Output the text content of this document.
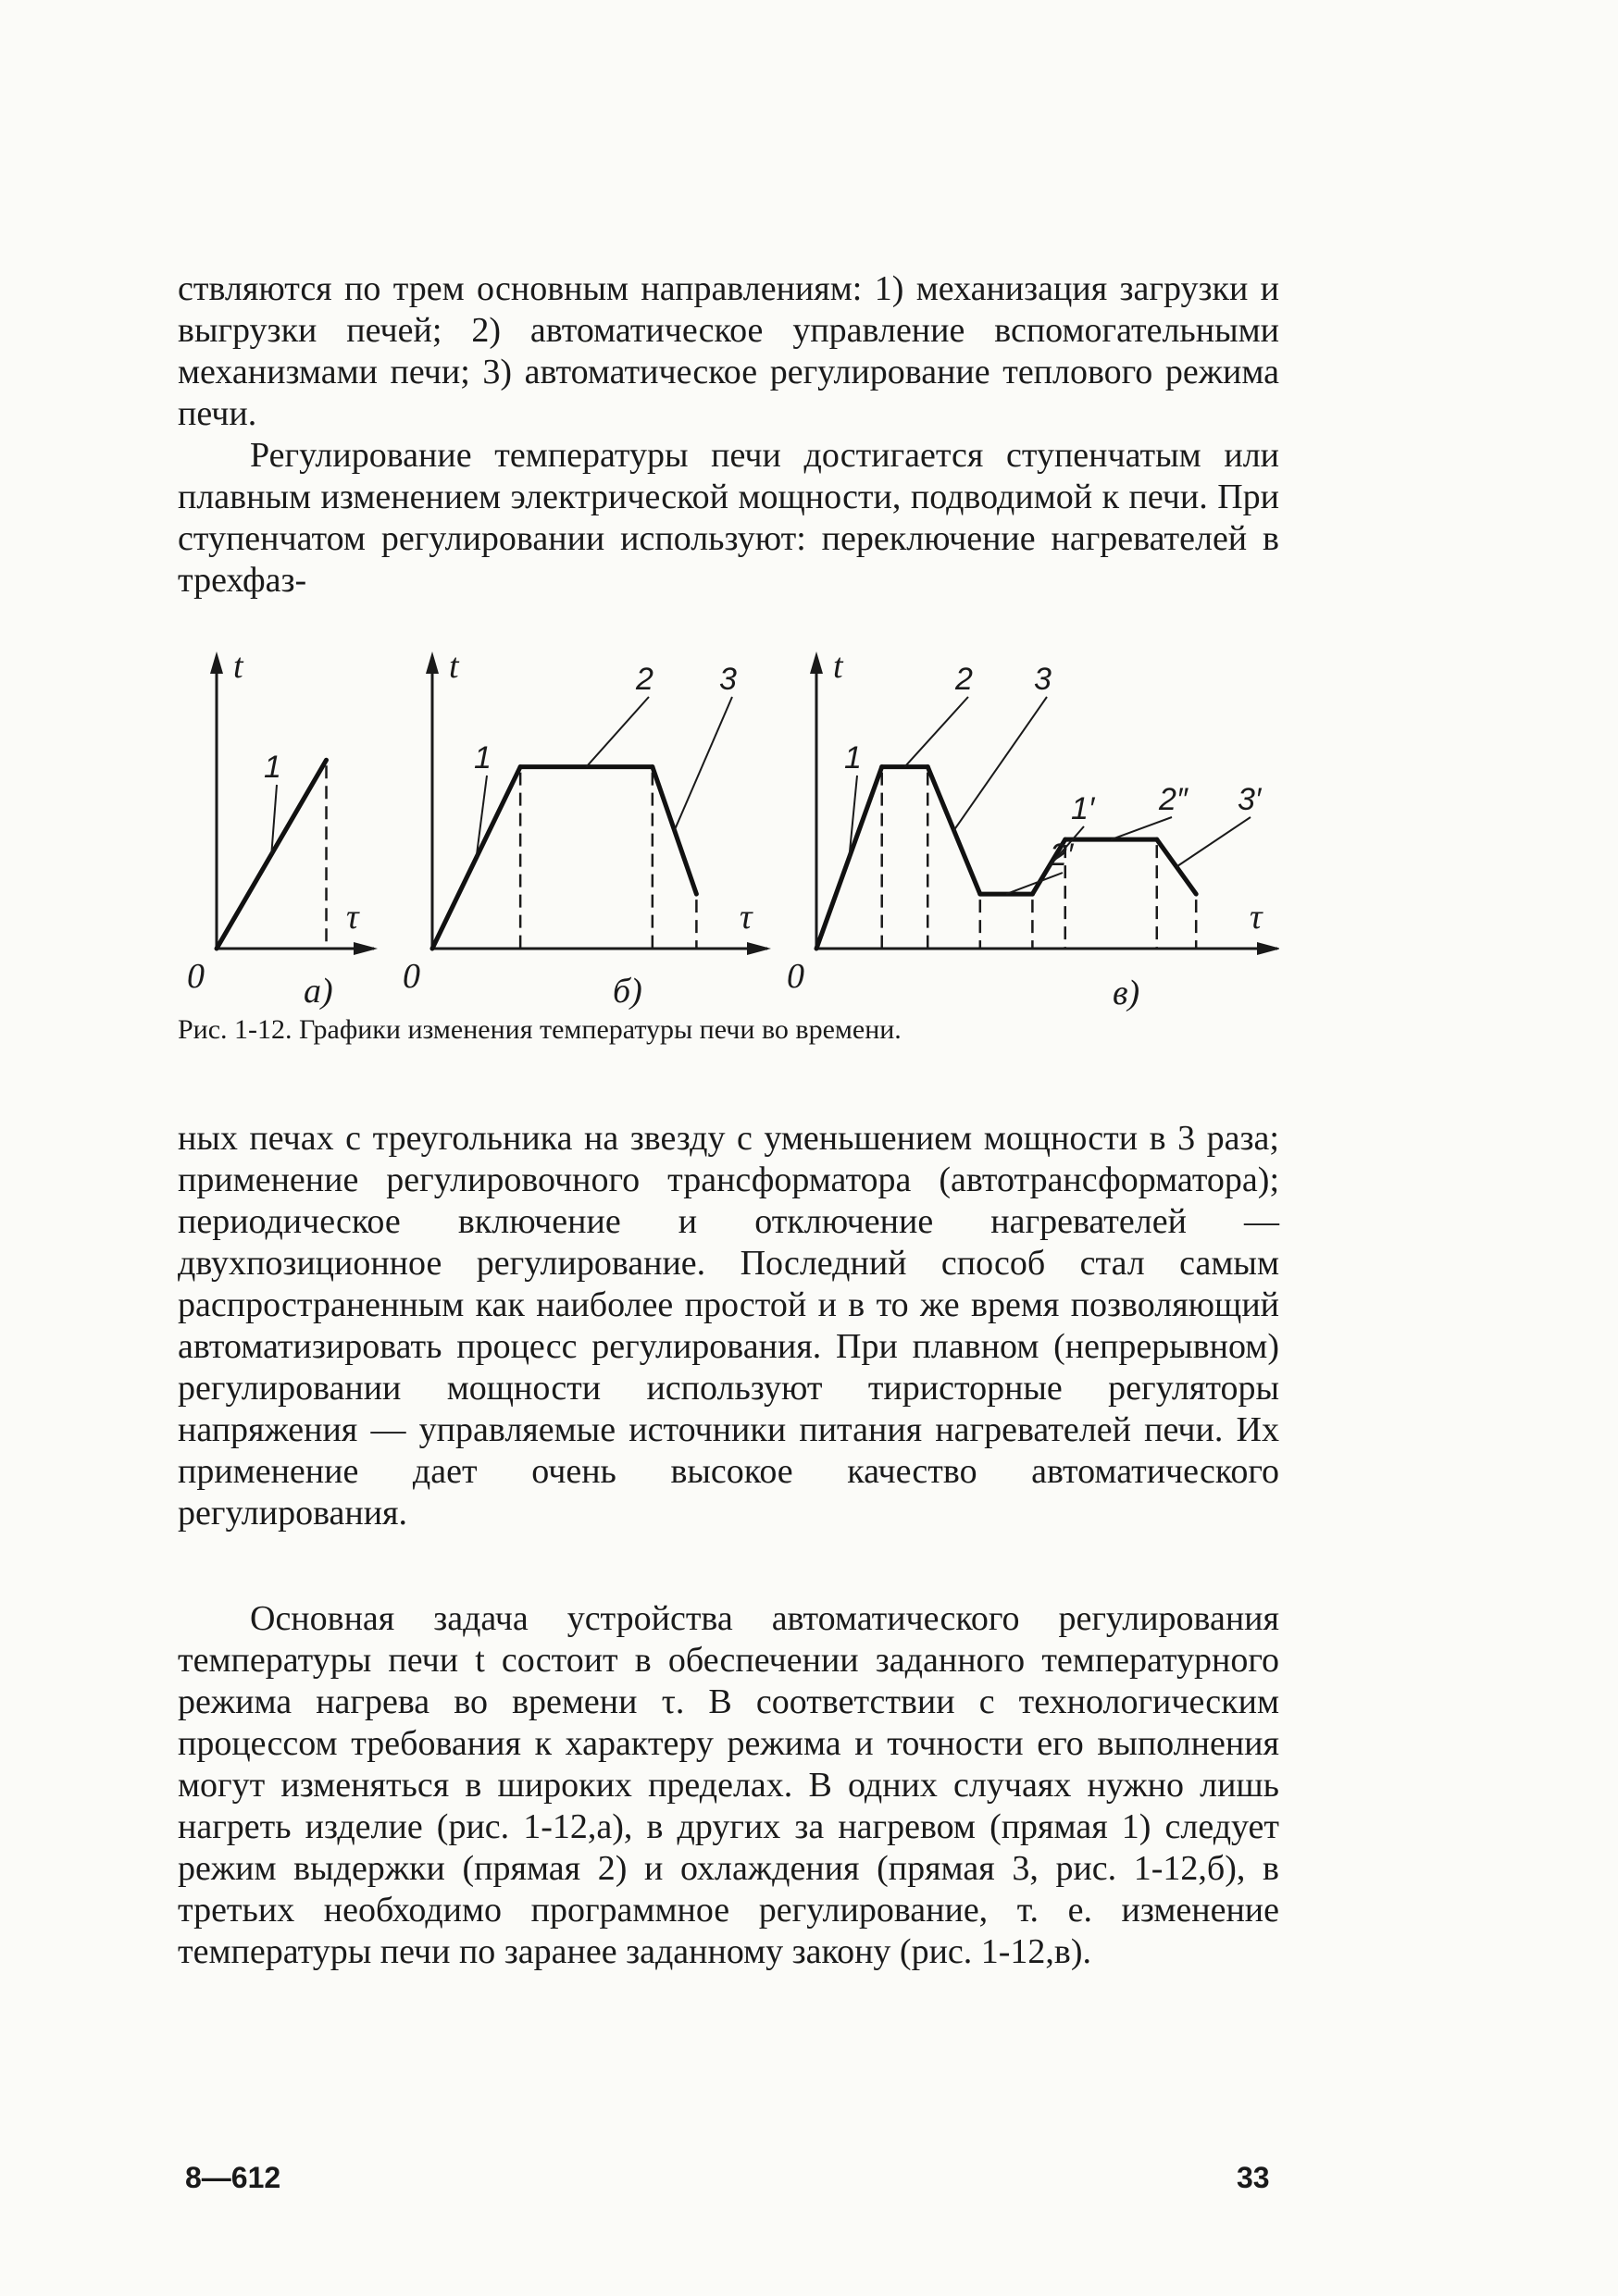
ствляются по трем основным направлениям: 1) механизация загрузки и выгрузки печей; 2) автоматическое управление вспомогательными механизмами печи; 3) автоматическое регулирование теплового режима печи.

Регулирование температуры печи достигается ступенчатым или плавным изменением электрической мощности, подводимой к печи. При ступенчатом регулировании используют: переключение нагревателей в трехфаз-

t
τ
0	а)
1
t
τ
0	б)
1
2 3	t
τ
0	в)
1
2 3
2′
1′ 2″ 3′
Рис. 1-12. Графики изменения температуры печи во времени.

ных печах с треугольника на звезду с уменьшением мощности в 3 раза; применение регулировочного трансформатора (автотрансформатора); периодическое включение и отключение нагревателей — двухпозиционное регулирование. Последний способ стал самым распространенным как наиболее простой и в то же время позволяющий автоматизировать процесс регулирования. При плавном (непрерывном) регулировании мощности используют тиристорные регуляторы напряжения — управляемые источники питания нагревателей печи. Их применение дает очень высокое качество автоматического регулирования.

Основная задача устройства автоматического регулирования температуры печи t состоит в обеспечении заданного температурного режима нагрева во времени τ. В соответствии с технологическим процессом требования к характеру режима и точности его выполнения могут изменяться в широких пределах. В одних случаях нужно лишь нагреть изделие (рис. 1-12,а), в других за нагревом (прямая 1) следует режим выдержки (прямая 2) и охлаждения (прямая 3, рис. 1-12,б), в третьих необходимо программное регулирование, т. е. изменение температуры печи по заранее заданному закону (рис. 1-12,в).

8—612	33
